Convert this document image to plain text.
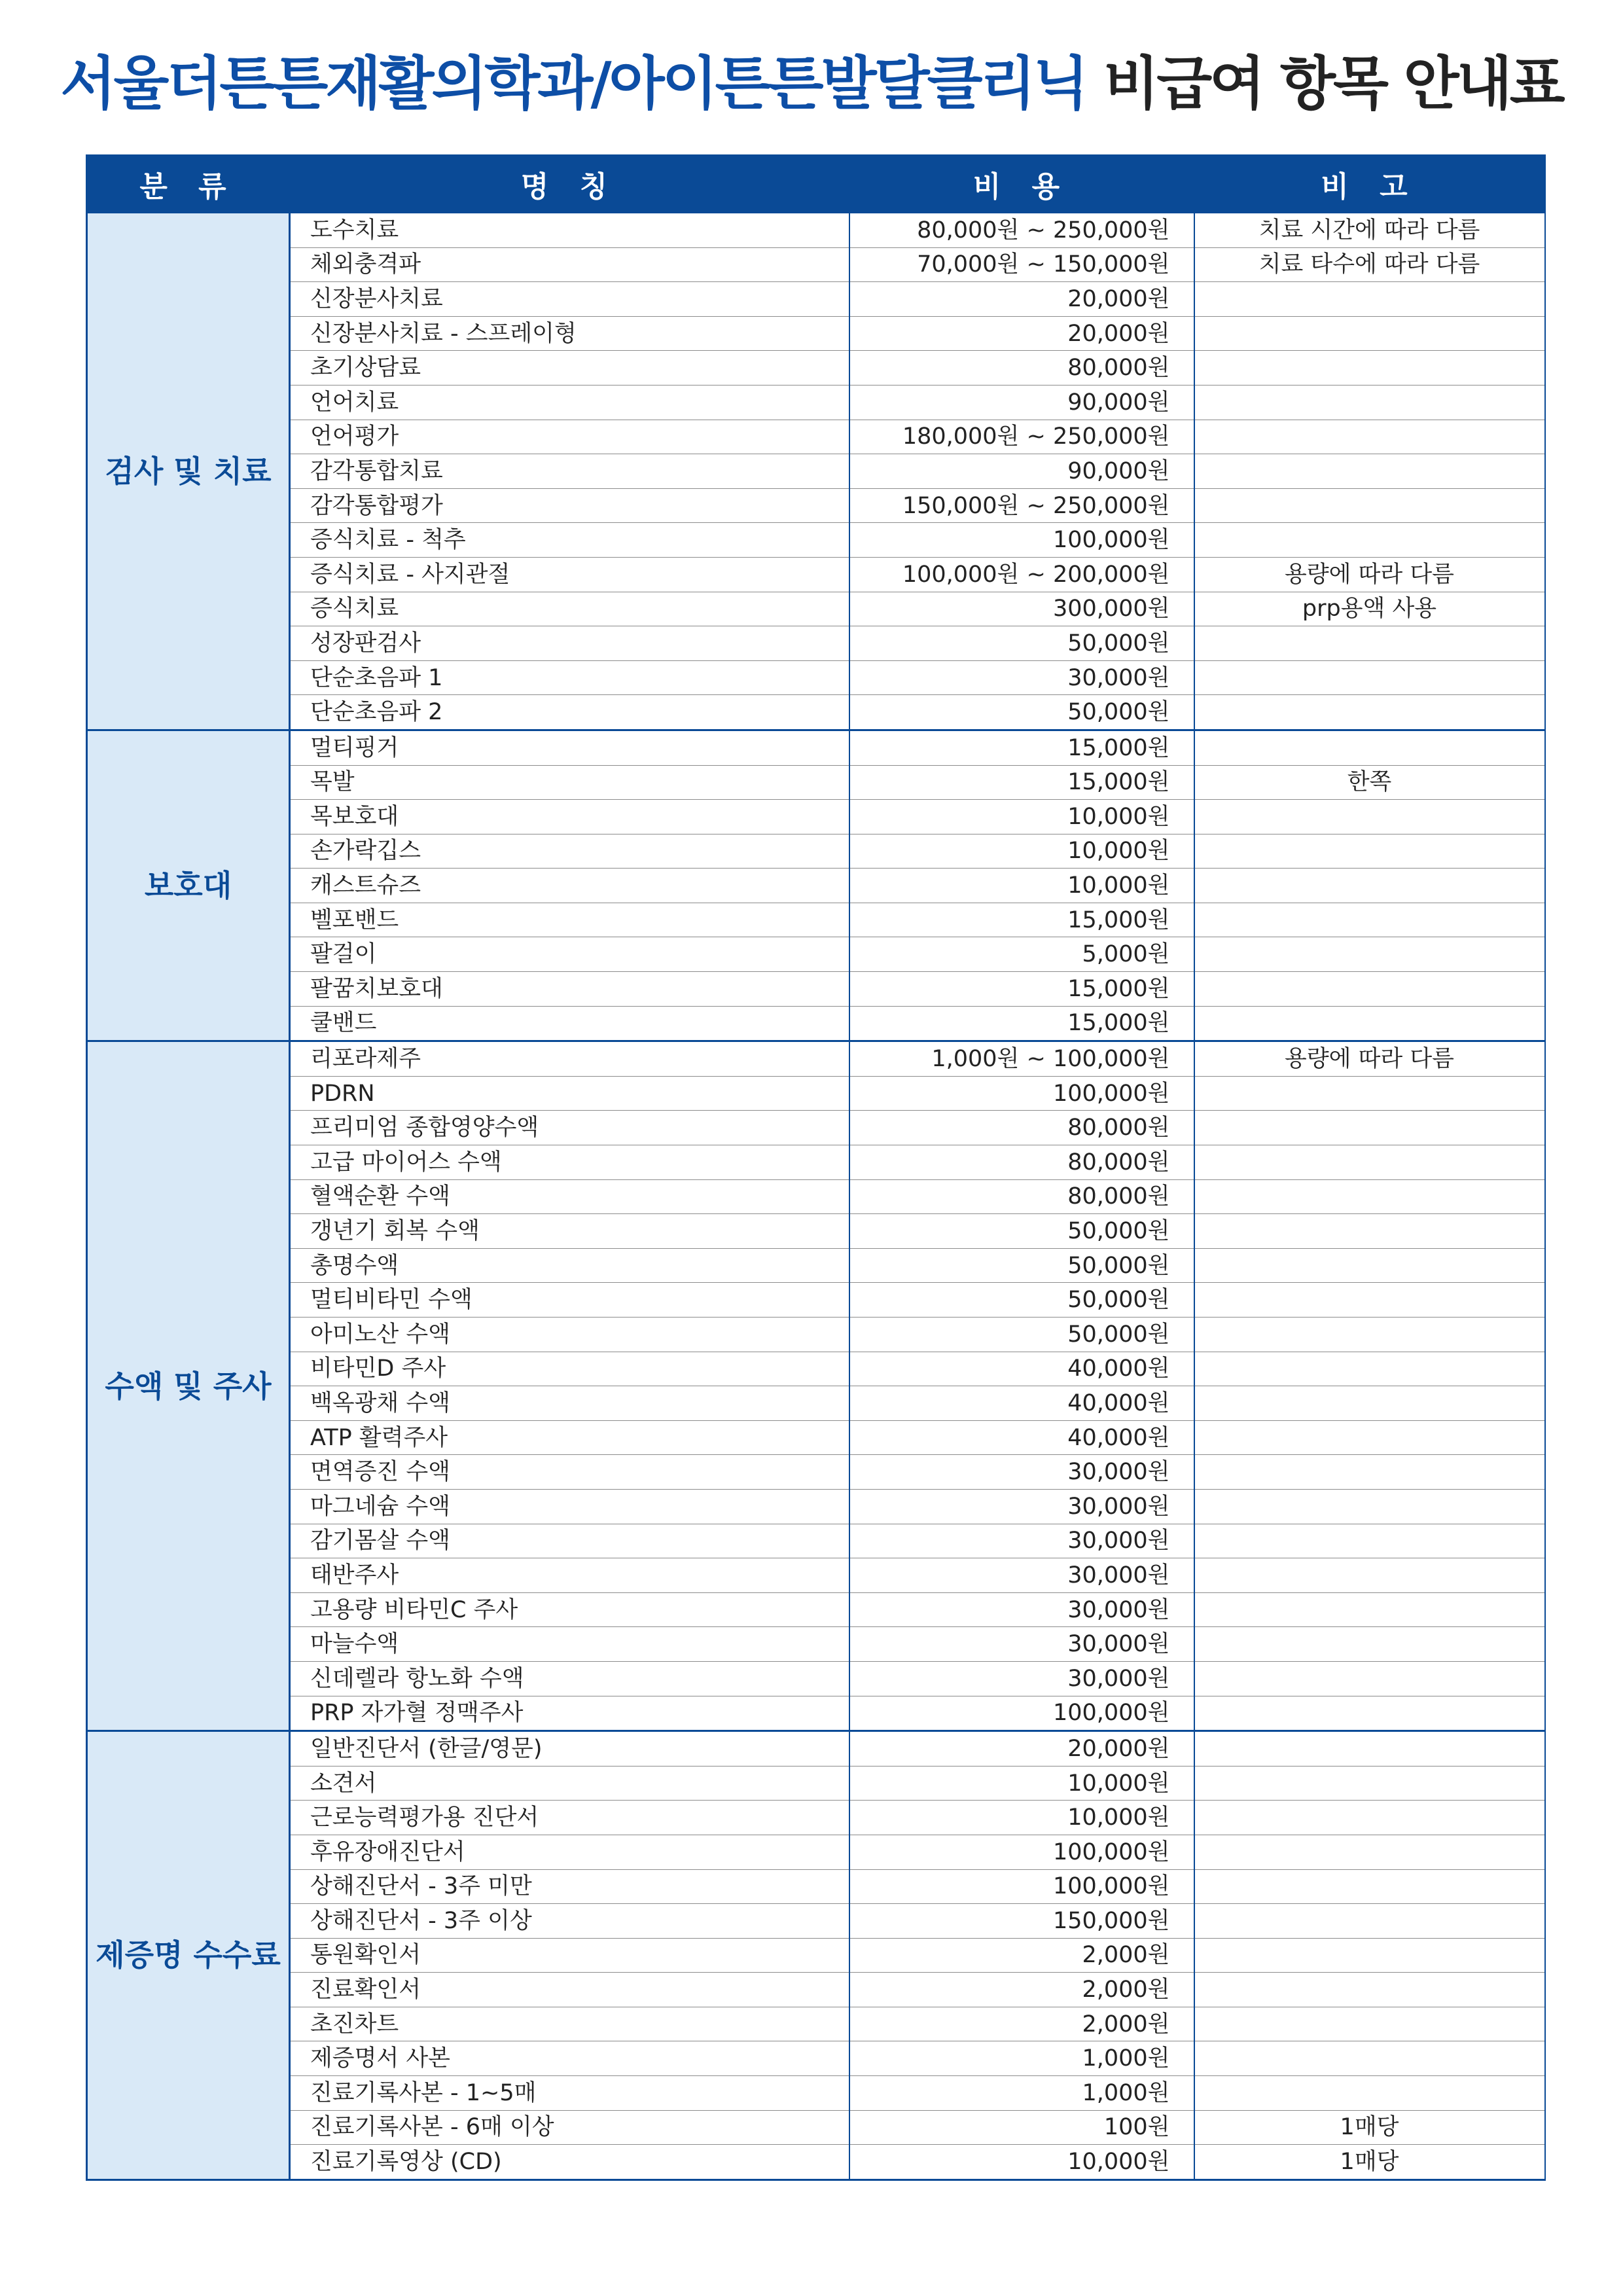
서울더튼튼재활의학과/아이튼튼발달클리닉 비급여 항목 안내표
분 류	명 칭	비 용	비 고
검사 및 치료	도수치료	80,000원 ~ 250,000원	치료 시간에 따라 다름
	체외충격파	70,000원 ~ 150,000원	치료 타수에 따라 다름
	신장분사치료	20,000원	
	신장분사치료 - 스프레이형	20,000원	
	초기상담료	80,000원	
	언어치료	90,000원	
	언어평가	180,000원 ~ 250,000원	
	감각통합치료	90,000원	
	감각통합평가	150,000원 ~ 250,000원	
	증식치료 - 척추	100,000원	
	증식치료 - 사지관절	100,000원 ~ 200,000원	용량에 따라 다름
	증식치료	300,000원	prp용액 사용
	성장판검사	50,000원	
	단순초음파 1	30,000원	
	단순초음파 2	50,000원	
보호대	멀티핑거	15,000원	
	목발	15,000원	한쪽
	목보호대	10,000원	
	손가락깁스	10,000원	
	캐스트슈즈	10,000원	
	벨포밴드	15,000원	
	팔걸이	5,000원	
	팔꿈치보호대	15,000원	
	쿨밴드	15,000원	
수액 및 주사	리포라제주	1,000원 ~ 100,000원	용량에 따라 다름
	PDRN	100,000원	
	프리미엄 종합영양수액	80,000원	
	고급 마이어스 수액	80,000원	
	혈액순환 수액	80,000원	
	갱년기 회복 수액	50,000원	
	총명수액	50,000원	
	멀티비타민 수액	50,000원	
	아미노산 수액	50,000원	
	비타민D 주사	40,000원	
	백옥광채 수액	40,000원	
	ATP 활력주사	40,000원	
	면역증진 수액	30,000원	
	마그네슘 수액	30,000원	
	감기몸살 수액	30,000원	
	태반주사	30,000원	
	고용량 비타민C 주사	30,000원	
	마늘수액	30,000원	
	신데렐라 항노화 수액	30,000원	
	PRP 자가혈 정맥주사	100,000원	
제증명 수수료	일반진단서 (한글/영문)	20,000원	
	소견서	10,000원	
	근로능력평가용 진단서	10,000원	
	후유장애진단서	100,000원	
	상해진단서 - 3주 미만	100,000원	
	상해진단서 - 3주 이상	150,000원	
	통원확인서	2,000원	
	진료확인서	2,000원	
	초진차트	2,000원	
	제증명서 사본	1,000원	
	진료기록사본 - 1~5매	1,000원	
	진료기록사본 - 6매 이상	100원	1매당
	진료기록영상 (CD)	10,000원	1매당
